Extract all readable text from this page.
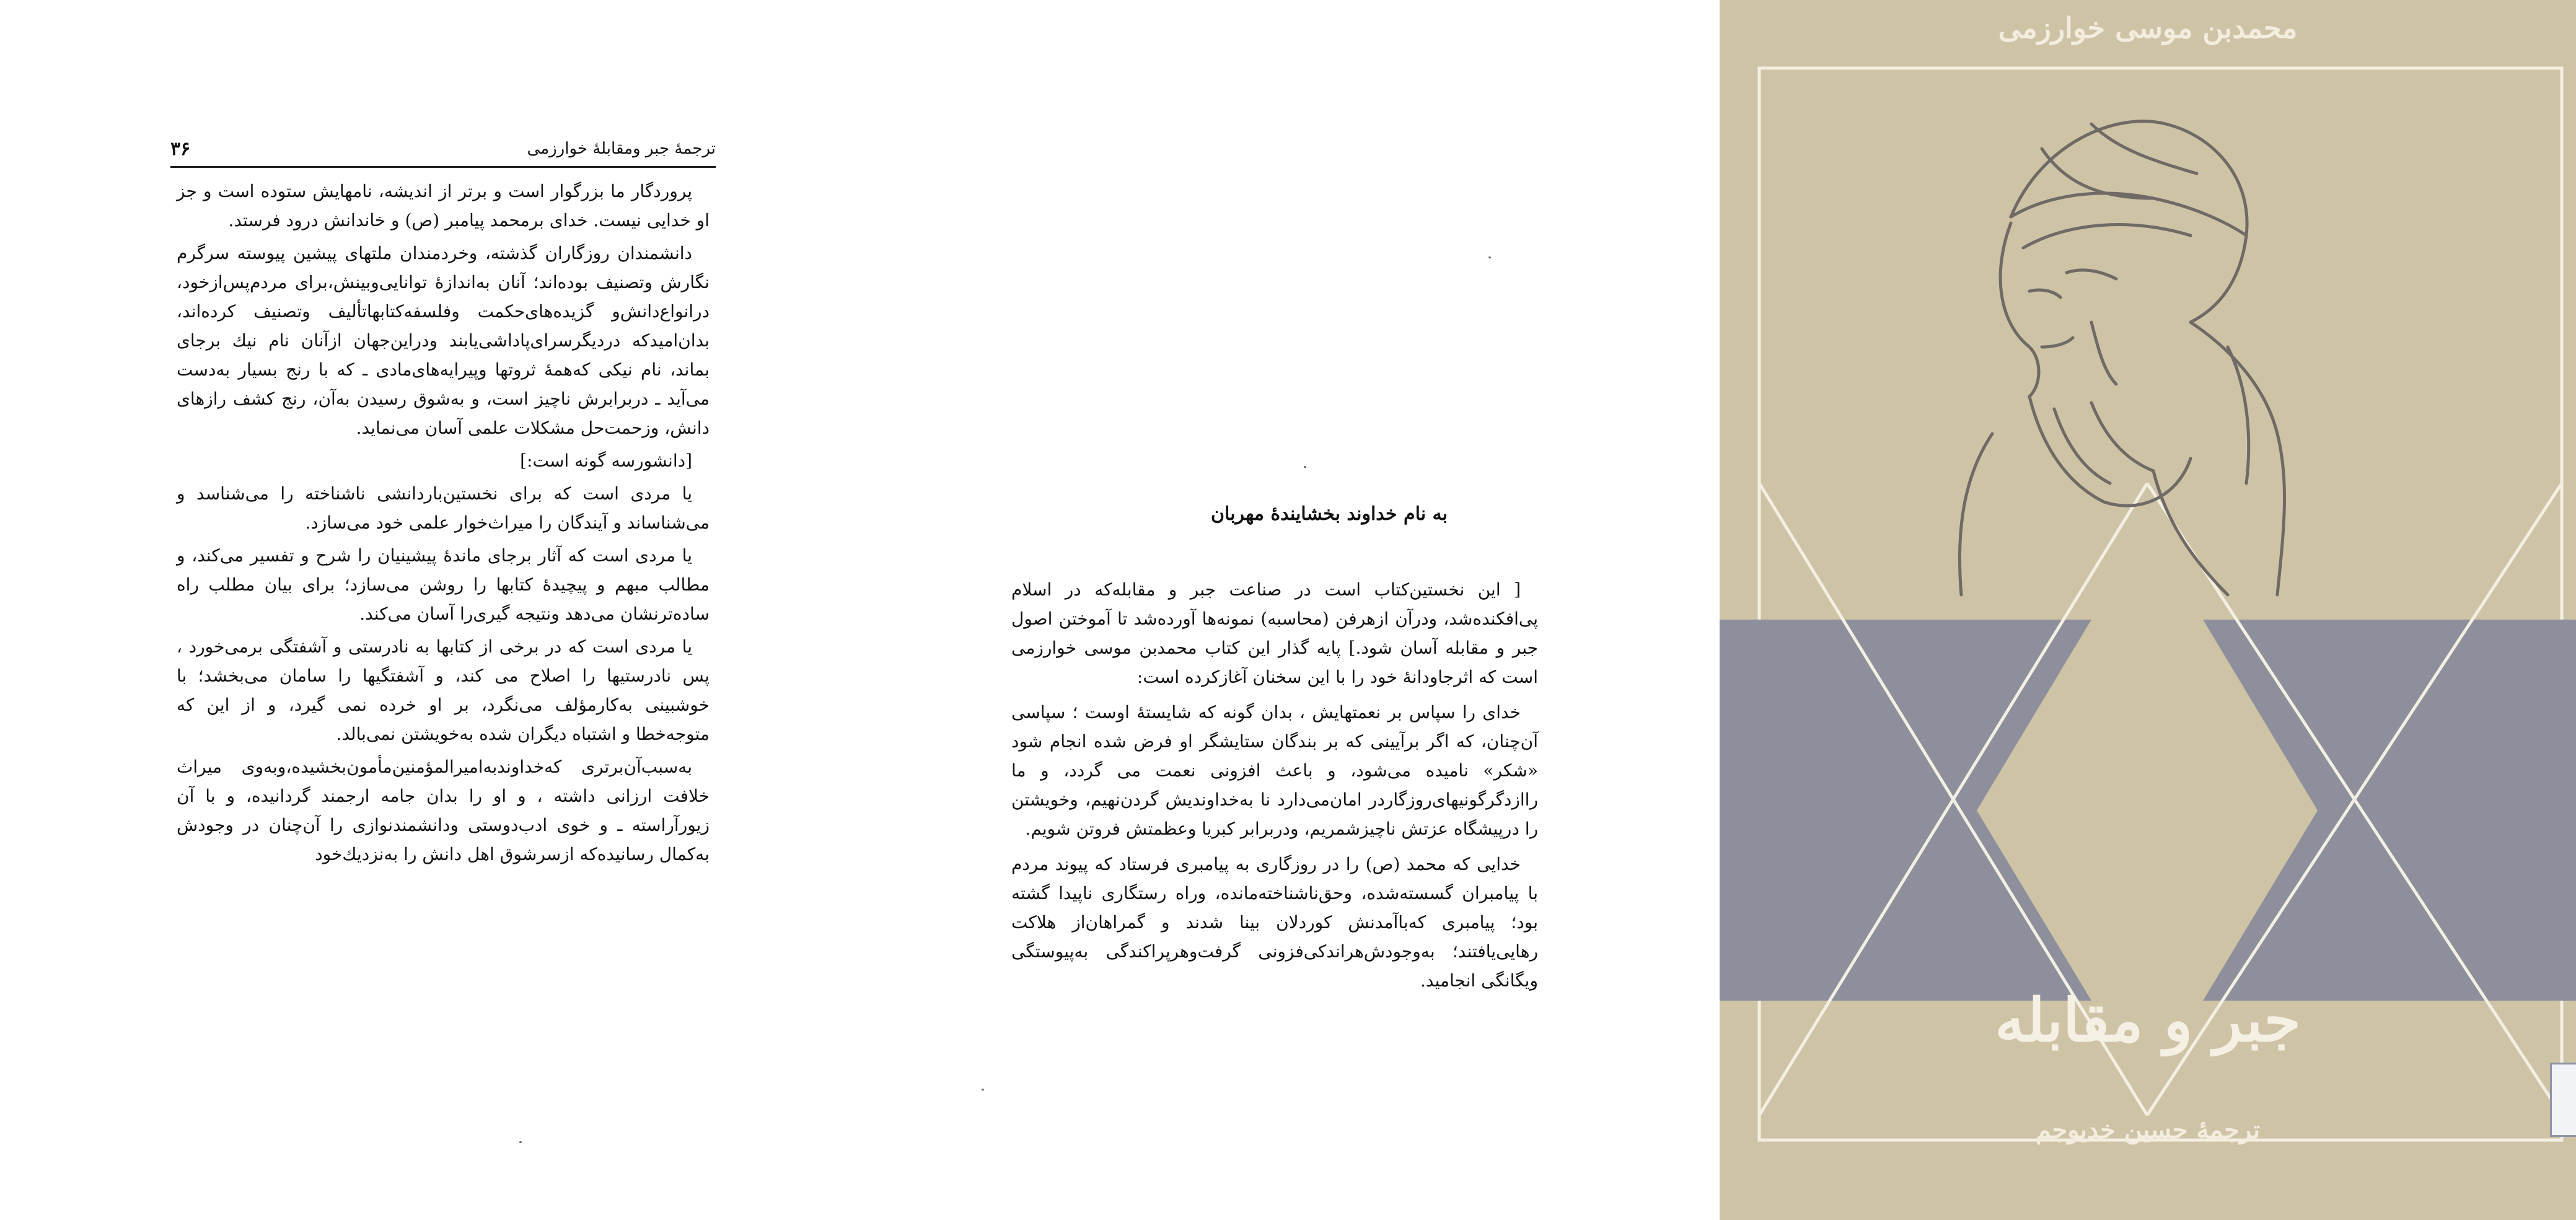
ترجمهٔ جبر ومقابلهٔ خوارزمی
۳۶

پروردگار ما بزرگوار است و برتر از اندیشه، نامهایش ستوده است و جز او خدایی نیست. خدای برمحمد پیامبر (ص) و خاندانش درود فرستد.

دانشمندان روزگاران گذشته، وخردمندان ملتهای پیشین پیوسته سرگرم نگارش وتصنیف بوده‌اند؛ آنان به‌اندازهٔ توانایی‌وبینش،برای مردم‌پس‌ازخود، درانواع‌دانش‌و گزیده‌های‌حکمت وفلسفه‌کتابهاتألیف وتصنیف کرده‌اند، بدان‌امیدکه دردیگرسرای‌پاداشی‌یابند ودراین‌جهان ازآنان نام نیك برجای بماند، نام نیکی که‌همهٔ ثروتها وپیرایه‌های‌مادی ـ که با رنج بسیار به‌دست می‌آید ـ دربرابرش ناچیز است، و به‌شوق رسیدن به‌آن، رنج کشف رازهای دانش، وزحمت‌حل مشکلات علمی آسان می‌نماید.

[دانشورسه گونه است:]

یا مردی است که برای نخستین‌باردانشی ناشناخته را می‌شناسد و می‌شناساند و آیندگان را میراث‌خوار علمی خود می‌سازد.

یا مردی است که آثار برجای ماندهٔ پیشینیان را شرح و تفسیر می‌کند، و مطالب مبهم و پیچیدهٔ کتابها را روشن می‌سازد؛ برای بیان مطلب راه ساده‌ترنشان می‌دهد ونتیجه گیری‌را آسان می‌کند.

یا مردی است که در برخی از کتابها به نادرستی و آشفتگی برمی‌خورد ، پس نادرستیها را اصلاح می کند، و آشفتگیها را سامان می‌بخشد؛ با خوشبینی به‌کارمؤلف می‌نگرد، بر او خرده نمی گیرد، و از این که متوجه‌خطا و اشتباه دیگران شده به‌خویشتن نمی‌بالد.

به‌سبب‌آن‌برتری که‌خداوندبه‌امیرالمؤمنین‌مأمون‌بخشیده،وبه‌وی میراث خلافت ارزانی داشته ، و او را بدان جامه ارجمند گردانیده، و با آن زیورآراسته ـ و خوی ادب‌دوستی ودانشمندنوازی را آن‌چنان در وجودش به‌کمال رسانیده‌که ازسرشوق اهل دانش را به‌نزدیك‌خود

به نام خداوند بخشایندهٔ مهربان

[ این نخستین‌کتاب است در صناعت جبر و مقابله‌که در اسلام پی‌افکنده‌شد، ودرآن ازهرفن (محاسبه) نمونه‌ها آورده‌شد تا آموختن اصول جبر و مقابله آسان شود.] پایه گذار این کتاب محمدبن موسی خوارزمی است که اثرجاودانهٔ خود را با این سخنان آغازکرده است:

خدای را سپاس بر نعمتهایش ، بدان گونه که شایستهٔ اوست ؛ سپاسی آن‌چنان، که اگر برآیینی که بر بندگان ستایشگر او فرض شده انجام شود «شکر» نامیده می‌شود، و باعث افزونی نعمت می گردد، و ما راازدگرگونیهای‌روزگاردر امان‌می‌دارد نا به‌خداوندیش گردن‌نهیم، وخویشتن را درپیشگاه عزتش ناچیزشمریم، ودربرابر کبریا وعظمتش فروتن شویم.

خدایی که محمد (ص) را در روزگاری به پیامبری فرستاد که پیوند مردم با پیامبران گسسته‌شده، وحق‌ناشناخته‌مانده، وراه رستگاری ناپیدا گشته بود؛ پیامبری که‌باآمدنش کوردلان بینا شدند و گمراهان‌از هلاکت رهایی‌یافتند؛ به‌وجودش‌هراندکی‌فزونی گرفت‌وهرپراکندگی به‌پیوستگی ویگانگی انجامید.

محمدبن موسی خوارزمی
جبر و مقابله
ترجمهٔ حسین خدیوجم
